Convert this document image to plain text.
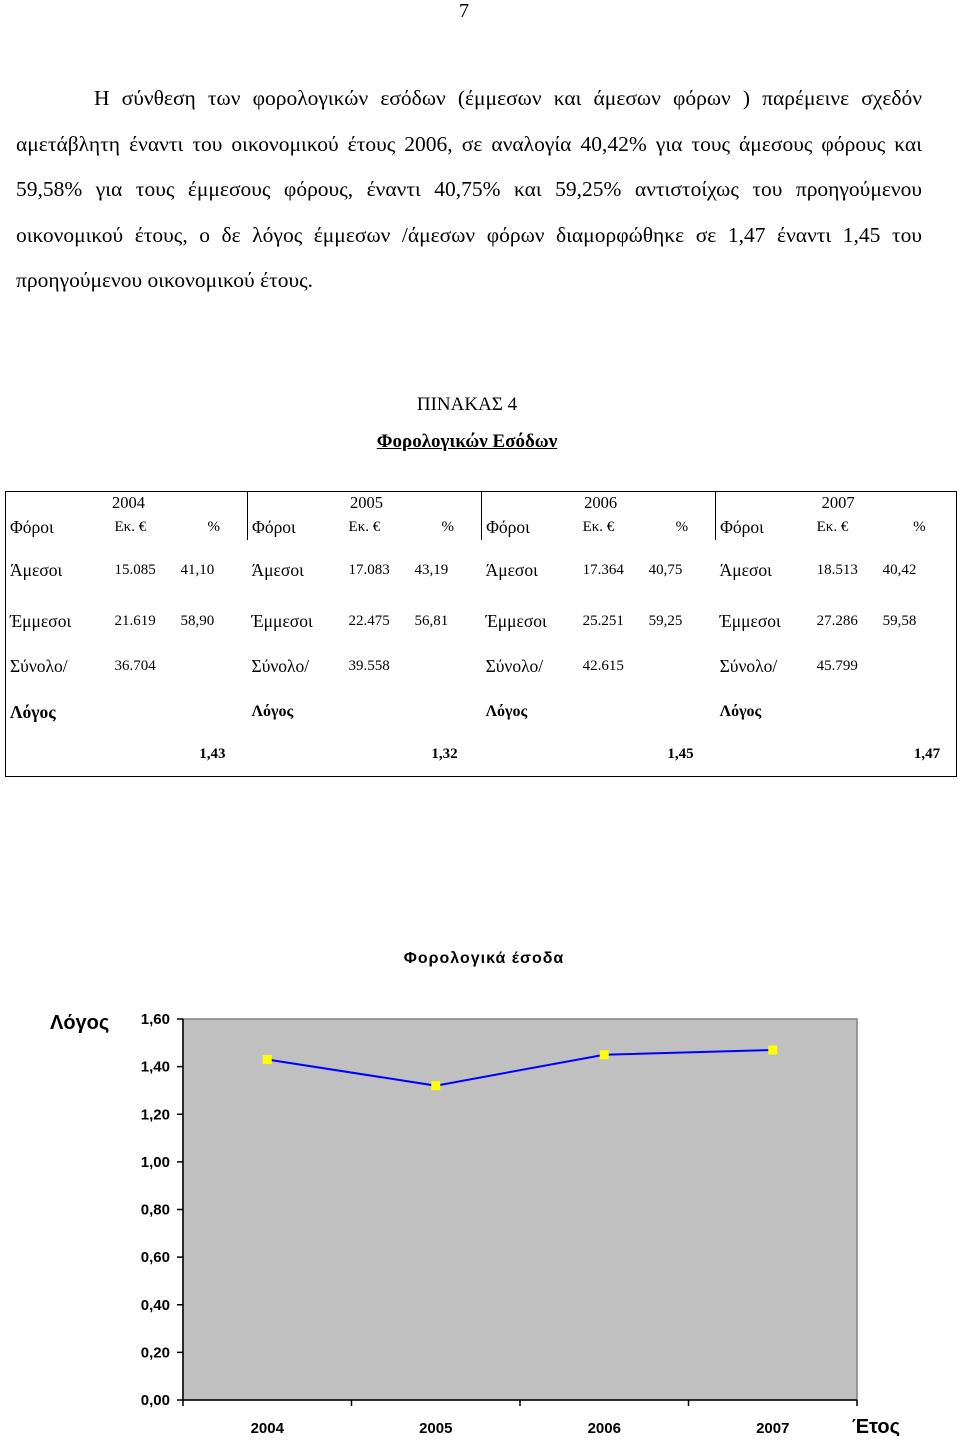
7

Η σύνθεση των φορολογικών εσόδων (έμμεσων και άμεσων φόρων ) παρέμεινε σχεδόν αμετάβλητη έναντι του οικονομικού έτους 2006, σε αναλογία 40,42% για τους άμεσους φόρους και 59,58% για τους έμμεσους φόρους, έναντι 40,75% και 59,25% αντιστοίχως του προηγούμενου οικονομικού έτους, ο δε λόγος έμμεσων /άμεσων φόρων διαμορφώθηκε σε 1,47 έναντι 1,45 του προηγούμενου οικονομικού έτους.

ΠΙΝΑΚΑΣ 4
Φορολογικών Εσόδων
2004			2005			2006			2007		
Φόροι	Εκ. €	%	Φόροι	Εκ. €	%	Φόροι	Εκ. €	%	Φόροι	Εκ. €	%
Άμεσοι	15.085	41,10	Άμεσοι	17.083	43,19	Άμεσοι	17.364	40,75	Άμεσοι	18.513	40,42
Έμμεσοι	21.619	58,90	Έμμεσοι	22.475	56,81	Έμμεσοι	25.251	59,25	Έμμεσοι	27.286	59,58
Σύνολο/	36.704		Σύνολο/	39.558		Σύνολο/	42.615		Σύνολο/	45.799	
Λόγος			Λόγος			Λόγος			Λόγος		
1,43			1,32			1,45			1,47		
Φορολογικά έσοδα
Λόγος
Έτος
0,00
0,20
0,40
0,60
0,80
1,00
1,20
1,40
1,60
2004	2005	2006	2007
